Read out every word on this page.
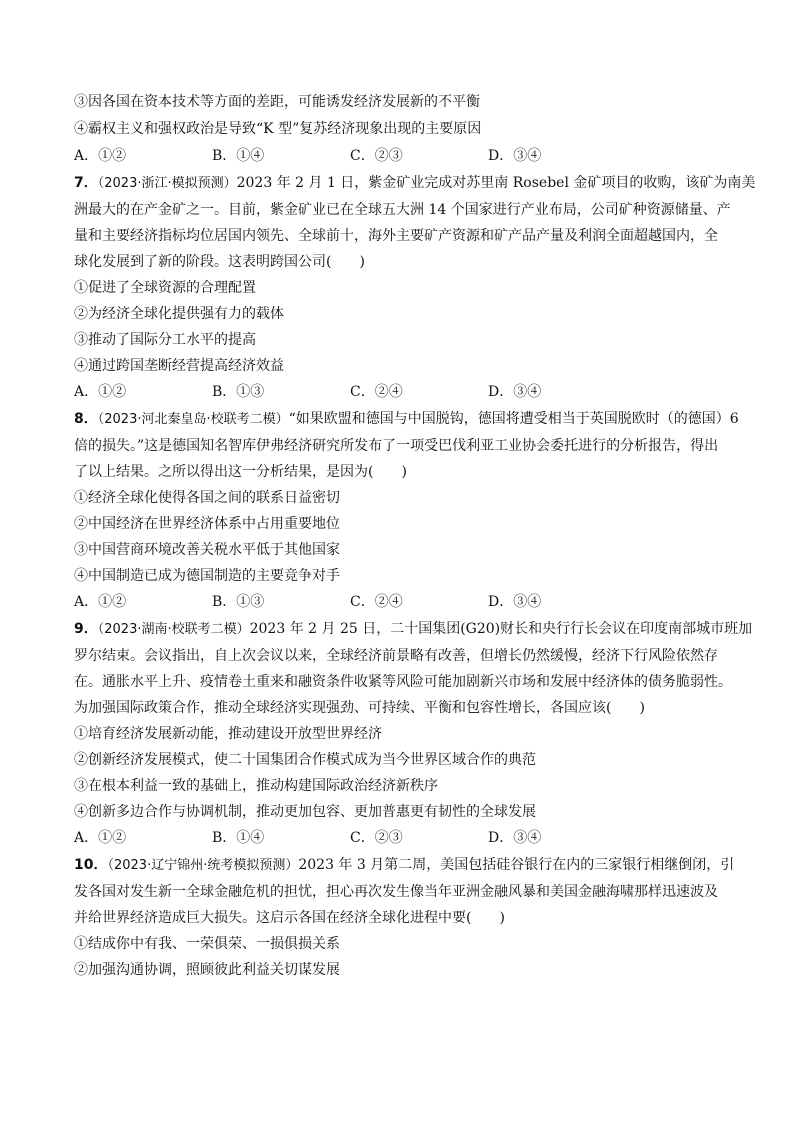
③因各国在资本技术等方面的差距，可能诱发经济发展新的不平衡
④霸权主义和强权政治是导致“K 型”复苏经济现象出现的主要原因
A．①②	B．①④	C．②③	D．③④
7．（2023·浙江·模拟预测）2023 年 2 月 1 日，紫金矿业完成对苏里南 Rosebel 金矿项目的收购，该矿为南美
洲最大的在产金矿之一。目前，紫金矿业已在全球五大洲 14 个国家进行产业布局，公司矿种资源储量、产
量和主要经济指标均位居国内领先、全球前十，海外主要矿产资源和矿产品产量及利润全面超越国内，全
球化发展到了新的阶段。这表明跨国公司(　　)
①促进了全球资源的合理配置
②为经济全球化提供强有力的载体
③推动了国际分工水平的提高
④通过跨国垄断经营提高经济效益
A．①②	B．①③	C．②④	D．③④
8．（2023·河北秦皇岛·校联考二模）“如果欧盟和德国与中国脱钩，德国将遭受相当于英国脱欧时（的德国）6
倍的损失。”这是德国知名智库伊弗经济研究所发布了一项受巴伐利亚工业协会委托进行的分析报告，得出
了以上结果。之所以得出这一分析结果，是因为(　　)
①经济全球化使得各国之间的联系日益密切
②中国经济在世界经济体系中占用重要地位
③中国营商环境改善关税水平低于其他国家
④中国制造已成为德国制造的主要竞争对手
A．①②	B．①③	C．②④	D．③④
9．（2023·湖南·校联考二模）2023 年 2 月 25 日，二十国集团(G20)财长和央行行长会议在印度南部城市班加
罗尔结束。会议指出，自上次会议以来，全球经济前景略有改善，但增长仍然缓慢，经济下行风险依然存
在。通胀水平上升、疫情卷土重来和融资条件收紧等风险可能加剧新兴市场和发展中经济体的债务脆弱性。
为加强国际政策合作，推动全球经济实现强劲、可持续、平衡和包容性增长，各国应该(　　)
①培育经济发展新动能，推动建设开放型世界经济
②创新经济发展模式，使二十国集团合作模式成为当今世界区域合作的典范
③在根本利益一致的基础上，推动构建国际政治经济新秩序
④创新多边合作与协调机制，推动更加包容、更加普惠更有韧性的全球发展
A．①②	B．①④	C．②③	D．③④
10．（2023·辽宁锦州·统考模拟预测）2023 年 3 月第二周，美国包括硅谷银行在内的三家银行相继倒闭，引
发各国对发生新一全球金融危机的担忧，担心再次发生像当年亚洲金融风暴和美国金融海啸那样迅速波及
并给世界经济造成巨大损失。这启示各国在经济全球化进程中要(　　)
①结成你中有我、一荣俱荣、一损俱损关系
②加强沟通协调，照顾彼此利益关切谋发展
